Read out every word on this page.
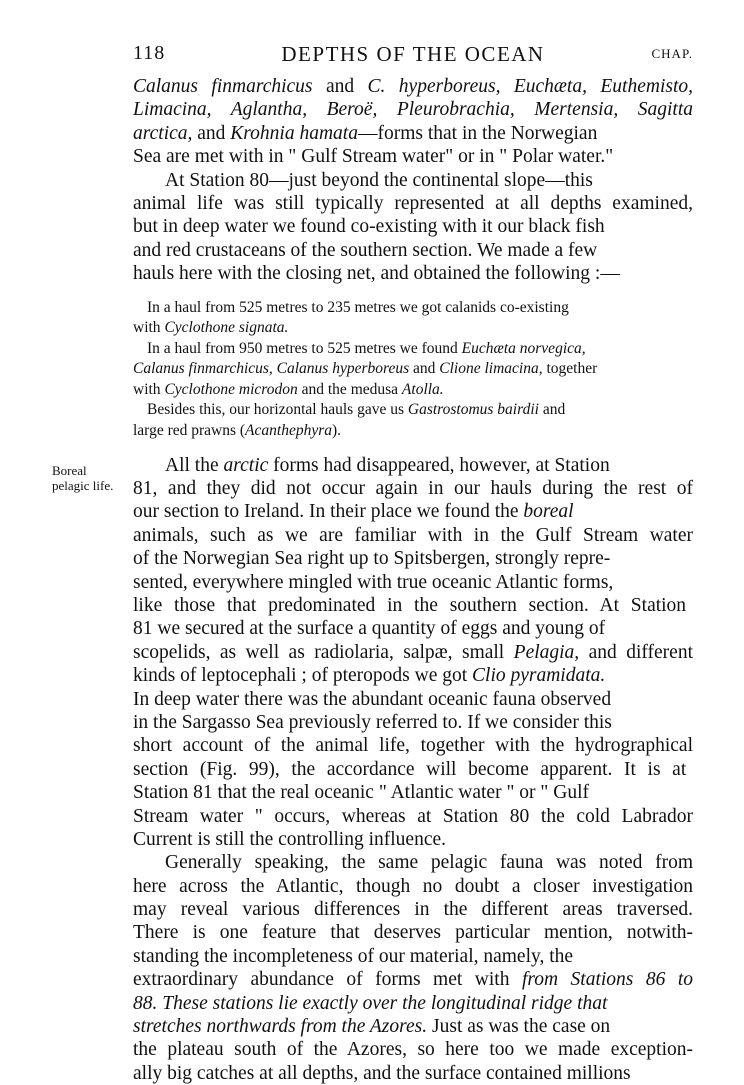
118	DEPTHS OF THE OCEAN	CHAP.
Boreal
pelagic life.
Calanus finmarchicus and C. hyperboreus, Euchæta, Euthemisto,
Limacina, Aglantha, Beroë, Pleurobrachia, Mertensia, Sagitta
arctica, and Krohnia hamata—forms that in the Norwegian
Sea are met with in " Gulf Stream water" or in " Polar water."
At Station 80—just beyond the continental slope—this
animal life was still typically represented at all depths examined,
but in deep water we found co-existing with it our black fish
and red crustaceans of the southern section. We made a few
hauls here with the closing net, and obtained the following :—
In a haul from 525 metres to 235 metres we got calanids co-existing
with Cyclothone signata.
In a haul from 950 metres to 525 metres we found Euchæta norvegica,
Calanus finmarchicus, Calanus hyperboreus and Clione limacina, together
with Cyclothone microdon and the medusa Atolla.
Besides this, our horizontal hauls gave us Gastrostomus bairdii and
large red prawns (Acanthephyra).
All the arctic forms had disappeared, however, at Station
81, and they did not occur again in our hauls during the rest of
our section to Ireland. In their place we found the boreal
animals, such as we are familiar with in the Gulf Stream water
of the Norwegian Sea right up to Spitsbergen, strongly repre-
sented, everywhere mingled with true oceanic Atlantic forms,
like those that predominated in the southern section. At Station
81 we secured at the surface a quantity of eggs and young of
scopelids, as well as radiolaria, salpæ, small Pelagia, and different
kinds of leptocephali ; of pteropods we got Clio pyramidata.
In deep water there was the abundant oceanic fauna observed
in the Sargasso Sea previously referred to. If we consider this
short account of the animal life, together with the hydrographical
section (Fig. 99), the accordance will become apparent. It is at
Station 81 that the real oceanic " Atlantic water " or " Gulf
Stream water " occurs, whereas at Station 80 the cold Labrador
Current is still the controlling influence.
Generally speaking, the same pelagic fauna was noted from
here across the Atlantic, though no doubt a closer investigation
may reveal various differences in the different areas traversed.
There is one feature that deserves particular mention, notwith-
standing the incompleteness of our material, namely, the
extraordinary abundance of forms met with from Stations 86 to
88. These stations lie exactly over the longitudinal ridge that
stretches northwards from the Azores. Just as was the case on
the plateau south of the Azores, so here too we made exception-
ally big catches at all depths, and the surface contained millions
